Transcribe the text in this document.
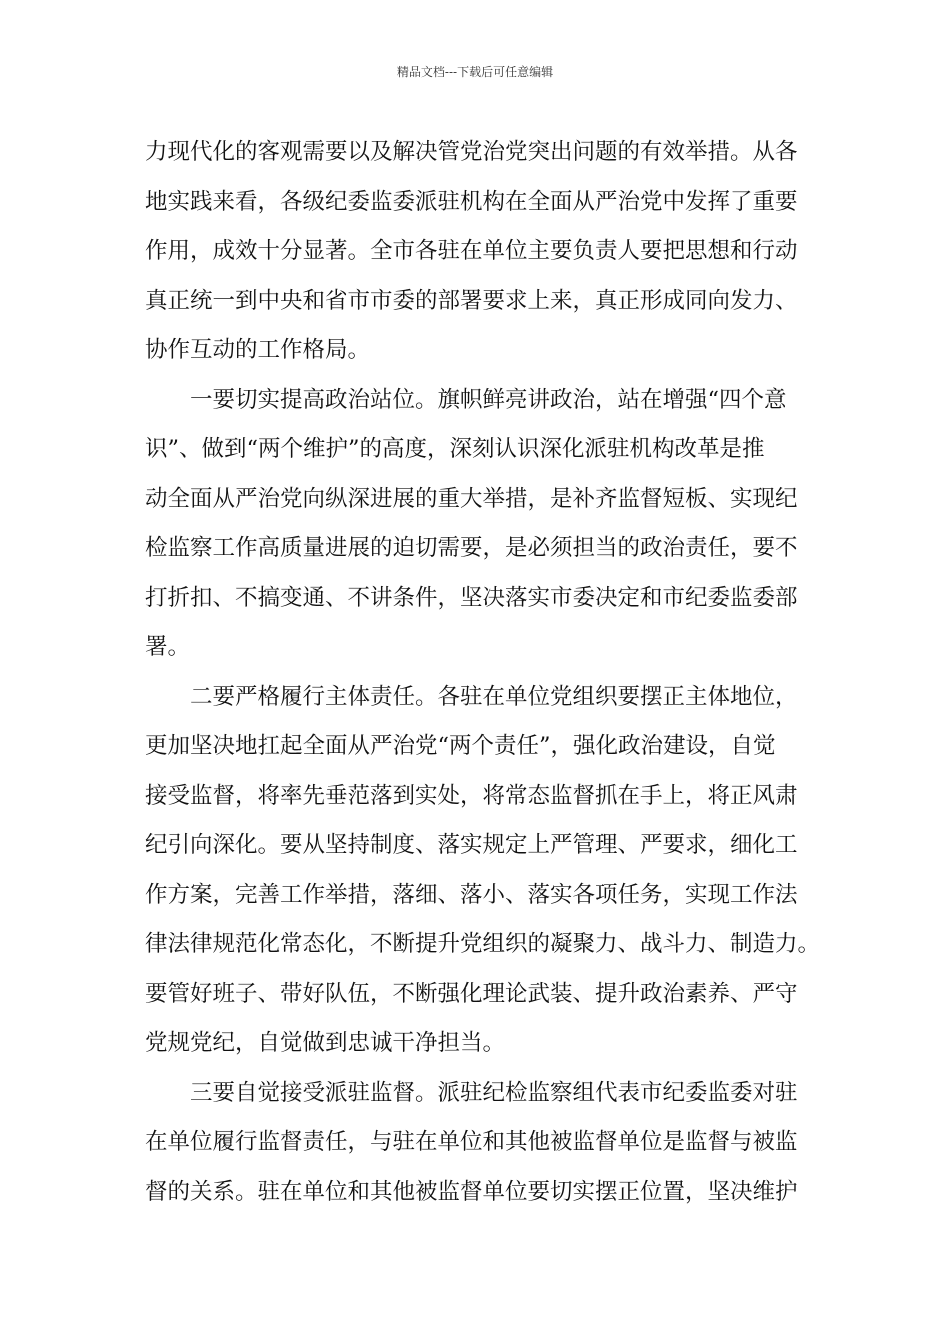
精品文档---下载后可任意编辑
力现代化的客观需要以及解决管党治党突出问题的有效举措。从各
地实践来看，各级纪委监委派驻机构在全面从严治党中发挥了重要
作用，成效十分显著。全市各驻在单位主要负责人要把思想和行动
真正统一到中央和省市市委的部署要求上来，真正形成同向发力、
协作互动的工作格局。
一要切实提高政治站位。旗帜鲜亮讲政治，站在增强“四个意
识”、做到“两个维护”的高度，深刻认识深化派驻机构改革是推
动全面从严治党向纵深进展的重大举措，是补齐监督短板、实现纪
检监察工作高质量进展的迫切需要，是必须担当的政治责任，要不
打折扣、不搞变通、不讲条件，坚决落实市委决定和市纪委监委部
署。
二要严格履行主体责任。各驻在单位党组织要摆正主体地位，
更加坚决地扛起全面从严治党“两个责任”，强化政治建设，自觉
接受监督，将率先垂范落到实处，将常态监督抓在手上，将正风肃
纪引向深化。要从坚持制度、落实规定上严管理、严要求，细化工
作方案，完善工作举措，落细、落小、落实各项任务，实现工作法
律法律规范化常态化，不断提升党组织的凝聚力、战斗力、制造力。
要管好班子、带好队伍，不断强化理论武装、提升政治素养、严守
党规党纪，自觉做到忠诚干净担当。
三要自觉接受派驻监督。派驻纪检监察组代表市纪委监委对驻
在单位履行监督责任，与驻在单位和其他被监督单位是监督与被监
督的关系。驻在单位和其他被监督单位要切实摆正位置，坚决维护
